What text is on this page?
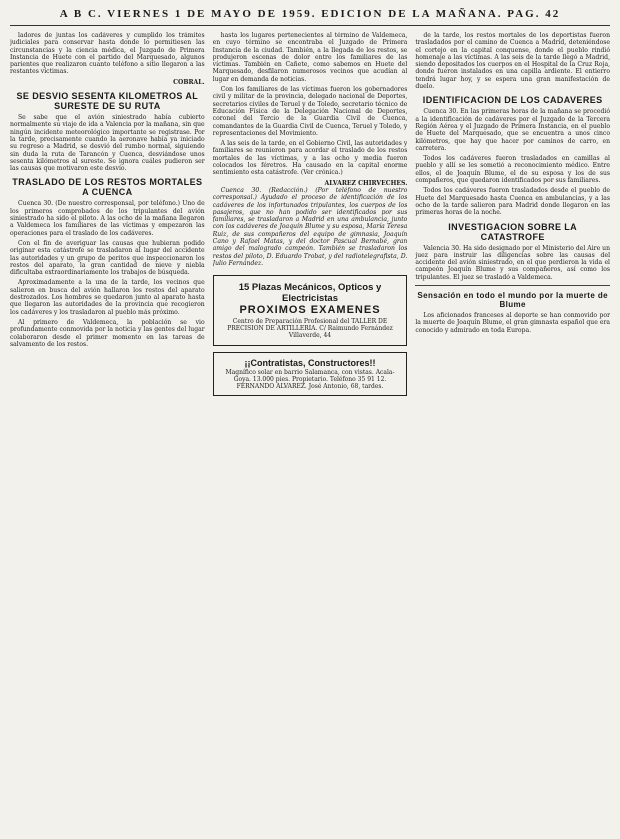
A B C. VIERNES 1 DE MAYO DE 1959. EDICION DE LA MAÑANA. PAG. 42

ladores de juntas los cadáveres y cumplido los trámites judiciales para conservar hasta donde lo permitiesen las circunstancias y la ciencia médica, el Juzgado de Primera Instancia de Huete con el partido del Marquesado, algunos parientes que realizaron cuanto teléfono a sitio llegaron a las restantes víctimas.

COBRAL.
SE DESVIO SESENTA KILOMETROS AL SURESTE DE SU RUTA

Se sabe que el avión siniestrado había cubierto normalmente su viaje de ida a Valencia por la mañana, sin que ningún incidente meteorológico importante se registrase. Por la tarde, precisamente cuando la aeronave había ya iniciado su regreso a Madrid, se desvió del rumbo normal, siguiendo sin duda la ruta de Tarancón y Cuenca, desviándose unos sesenta kilómetros al sureste. Se ignora cuáles pudieron ser las causas que motivaron este desvío.

TRASLADO DE LOS RESTOS MORTALES A CUENCA

Cuenca 30. (De nuestro corresponsal, por teléfono.) Uno de los primeros comprobados de los tripulantes del avión siniestrado ha sido el piloto. A las ocho de la mañana llegaron a Valdemeca los familiares de las víctimas y empezaron las operaciones para el traslado de los cadáveres.

Con el fin de averiguar las causas que hubieran podido originar esta catástrofe se trasladaron al lugar del accidente las autoridades y un grupo de peritos que inspeccionaron los restos del aparato, la gran cantidad de nieve y niebla dificultaba extraordinariamente los trabajos de búsqueda.

Aproximadamente a la una de la tarde, los vecinos que salieron en busca del avión hallaron los restos del aparato destrozados. Los hombres se quedaron junto al aparato hasta que llegaron las autoridades de la provincia que recogieron los cadáveres y los trasladaron al pueblo más próximo.

Al primero de Valdemeca, la población se vio profundamente conmovida por la noticia y las gentes del lugar colaboraron desde el primer momento en las tareas de salvamento de los restos.

hasta los lugares pertenecientes al término de Valdemeca, en cuyo término se encontraba el Juzgado de Primera Instancia de la ciudad. También, a la llegada de los restos, se produjeron escenas de dolor entre los familiares de las víctimas. También en Cañete, como sabemos en Huete del Marquesado, desfilaron numerosos vecinos que acudían al lugar en demanda de noticias.

Con los familiares de las víctimas fueron los gobernadores civil y militar de la provincia, delegado nacional de Deportes, secretarios civiles de Teruel y de Toledo, secretario técnico de Educación Física de la Delegación Nacional de Deportes, coronel del Tercio de la Guardia Civil de Cuenca, comandantes de la Guardia Civil de Cuenca, Teruel y Toledo, y representaciones del Movimiento.

A las seis de la tarde, en el Gobierno Civil, las autoridades y familiares se reunieron para acordar el traslado de los restos mortales de las víctimas, y a las ocho y media fueron colocados los féretros. Ha causado en la capital enorme sentimiento esta catástrofe. (Ver crónica.)

ALVAREZ CHIRVECHES.

Cuenca 30. (Redacción.) (Por teléfono de nuestro corresponsal.) Ayudado el proceso de identificación de los cadáveres de los infortunados tripulantes, los cuerpos de los pasajeros, que no han podido ser identificados por sus familiares, se trasladaron a Madrid en una ambulancia, junto con los cadáveres de Joaquín Blume y su esposa, María Teresa Ruiz, de sus compañeros del equipo de gimnasia, Joaquín Cano y Rafael Matas, y del doctor Pascual Bernabé, gran amigo del malogrado campeón. También se trasladaron los restos del piloto, D. Eduardo Trobat, y del radiotelegrafista, D. Julio Fernández.

15 Plazas Mecánicos, Opticos y Electricistas
PROXIMOS EXAMENES
Centro de Preparación Profesional del TALLER DE PRECISION DE ARTILLERIA. C/ Raimundo Fernández Villaverde, 44
¡¡Contratistas, Constructores!!
Magnífico solar en barrio Salamanca, con vistas. Acala-Goya. 13.000 pies. Propietario. Teléfono 35 91 12. FERNANDO ALVAREZ. José Antonio, 68, tardes.

de la tarde, los restos mortales de los deportistas fueron trasladados por el camino de Cuenca a Madrid, deteniéndose el cortejo en la capital conquense, donde el pueblo rindió homenaje a las víctimas. A las seis de la tarde llegó a Madrid, siendo depositados los cuerpos en el Hospital de la Cruz Roja, donde fueron instalados en una capilla ardiente. El entierro tendrá lugar hoy, y se espera una gran manifestación de duelo.

IDENTIFICACION DE LOS CADAVERES

Cuenca 30. En las primeras horas de la mañana se procedió a la identificación de cadáveres por el Juzgado de la Tercera Región Aérea y el Juzgado de Primera Instancia, en el pueblo de Huete del Marquesado, que se encuentra a unos cinco kilómetros, que hay que hacer por caminos de carro, en carretera.

Todos los cadáveres fueron trasladados en camillas al pueblo y allí se les sometió a reconocimiento médico. Entre ellos, el de Joaquín Blume, el de su esposa y los de sus compañeros, que quedaron identificados por sus familiares.

Todos los cadáveres fueron trasladados desde el pueblo de Huete del Marquesado hasta Cuenca en ambulancias, y a las ocho de la tarde salieron para Madrid donde llegaron en las primeras horas de la noche.

INVESTIGACION SOBRE LA CATASTROFE

Valencia 30. Ha sido designado por el Ministerio del Aire un juez para instruir las diligencias sobre las causas del accidente del avión siniestrado, en el que perdieron la vida el campeón Joaquín Blume y sus compañeros, así como los tripulantes. El juez se trasladó a Valdemeca.

Sensación en todo el mundo por la muerte de Blume

Los aficionados franceses al deporte se han conmovido por la muerte de Joaquín Blume, el gran gimnasta español que era conocido y admirado en toda Europa.
